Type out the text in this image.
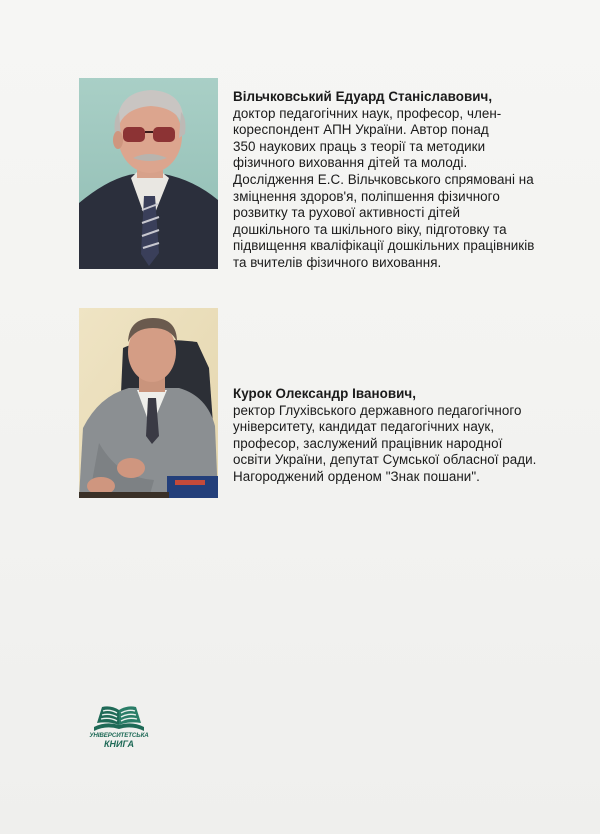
Вільчковський Едуард Станіславович,
доктор педагогічних наук, професор, член-
кореспондент АПН України. Автор понад
350 наукових праць з теорії та методики
фізичного виховання дітей та молоді.
Дослідження Е.С. Вільчковського спрямовані на
зміцнення здоров'я, поліпшення фізичного
розвитку та рухової активності дітей
дошкільного та шкільного віку, підготовку та
підвищення кваліфікації дошкільних працівників
та вчителів фізичного виховання.
Курок Олександр Іванович,
ректор Глухівського державного педагогічного
університету, кандидат педагогічних наук,
професор, заслужений працівник народної
освіти України, депутат Сумської обласної ради.
Нагороджений орденом "Знак пошани".
УНІВЕРСИТЕТСЬКА
КНИГА
